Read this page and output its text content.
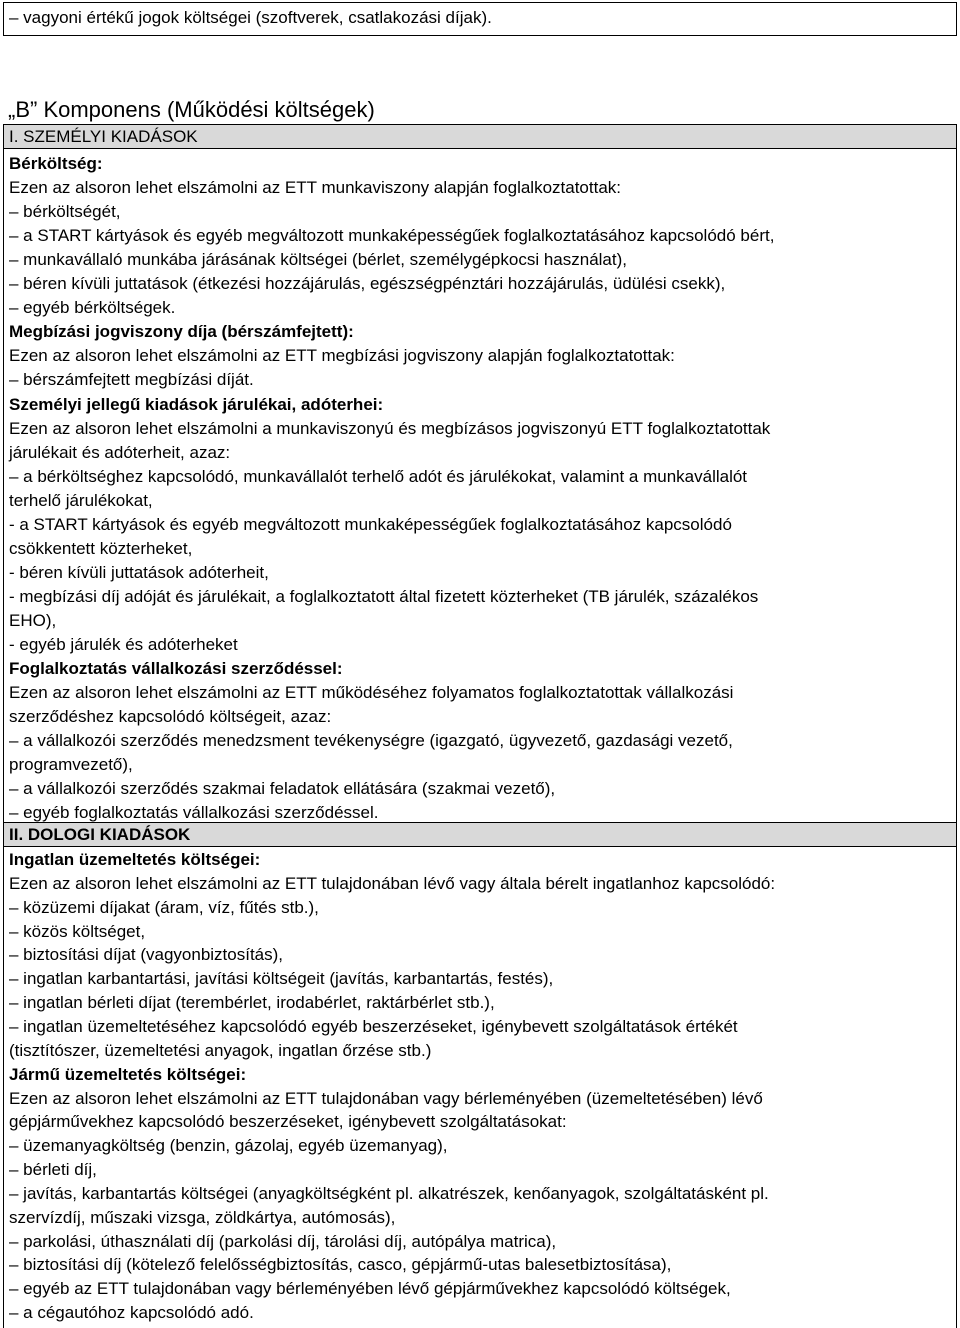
– vagyoni értékű jogok költségei (szoftverek, csatlakozási díjak).
„B” Komponens (Működési költségek)
I. SZEMÉLYI KIADÁSOK
Bérköltség:
Ezen az alsoron lehet elszámolni az ETT munkaviszony alapján foglalkoztatottak:
– bérköltségét,
– a START kártyások és egyéb megváltozott munkaképességűek foglalkoztatásához kapcsolódó bért,
– munkavállaló munkába járásának költségei (bérlet, személygépkocsi használat),
– béren kívüli juttatások (étkezési hozzájárulás, egészségpénztári hozzájárulás, üdülési csekk),
– egyéb bérköltségek.
Megbízási jogviszony díja (bérszámfejtett):
Ezen az alsoron lehet elszámolni az ETT megbízási jogviszony alapján foglalkoztatottak:
– bérszámfejtett megbízási díját.
Személyi jellegű kiadások járulékai, adóterhei:
Ezen az alsoron lehet elszámolni a munkaviszonyú és megbízásos jogviszonyú ETT foglalkoztatottak
járulékait és adóterheit, azaz:
– a bérköltséghez kapcsolódó, munkavállalót terhelő adót és járulékokat, valamint a munkavállalót
terhelő járulékokat,
- a START kártyások és egyéb megváltozott munkaképességűek foglalkoztatásához kapcsolódó
csökkentett közterheket,
- béren kívüli juttatások adóterheit,
- megbízási díj adóját és járulékait, a foglalkoztatott által fizetett közterheket (TB járulék, százalékos
EHO),
- egyéb járulék és adóterheket
Foglalkoztatás vállalkozási szerződéssel:
Ezen az alsoron lehet elszámolni az ETT működéséhez folyamatos foglalkoztatottak vállalkozási
szerződéshez kapcsolódó költségeit, azaz:
– a vállalkozói szerződés menedzsment tevékenységre (igazgató, ügyvezető, gazdasági vezető,
programvezető),
– a vállalkozói szerződés szakmai feladatok ellátására (szakmai vezető),
– egyéb foglalkoztatás vállalkozási szerződéssel.
II. DOLOGI KIADÁSOK
Ingatlan üzemeltetés költségei:
Ezen az alsoron lehet elszámolni az ETT tulajdonában lévő vagy általa bérelt ingatlanhoz kapcsolódó:
– közüzemi díjakat (áram, víz, fűtés stb.),
– közös költséget,
– biztosítási díjat (vagyonbiztosítás),
– ingatlan karbantartási, javítási költségeit (javítás, karbantartás, festés),
– ingatlan bérleti díjat (terembérlet, irodabérlet, raktárbérlet stb.),
– ingatlan üzemeltetéséhez kapcsolódó egyéb beszerzéseket, igénybevett szolgáltatások értékét
(tisztítószer, üzemeltetési anyagok, ingatlan őrzése stb.)
Jármű üzemeltetés költségei:
Ezen az alsoron lehet elszámolni az ETT tulajdonában vagy bérleményében (üzemeltetésében) lévő
gépjárművekhez kapcsolódó beszerzéseket, igénybevett szolgáltatásokat:
– üzemanyagköltség (benzin, gázolaj, egyéb üzemanyag),
– bérleti díj,
– javítás, karbantartás költségei (anyagköltségként pl. alkatrészek, kenőanyagok, szolgáltatásként pl.
szervízdíj, műszaki vizsga, zöldkártya, autómosás),
– parkolási, úthasználati díj (parkolási díj, tárolási díj, autópálya matrica),
– biztosítási díj (kötelező felelősségbiztosítás, casco, gépjármű-utas balesetbiztosítása),
– egyéb az ETT tulajdonában vagy bérleményében lévő gépjárművekhez kapcsolódó költségek,
– a cégautóhoz kapcsolódó adó.
